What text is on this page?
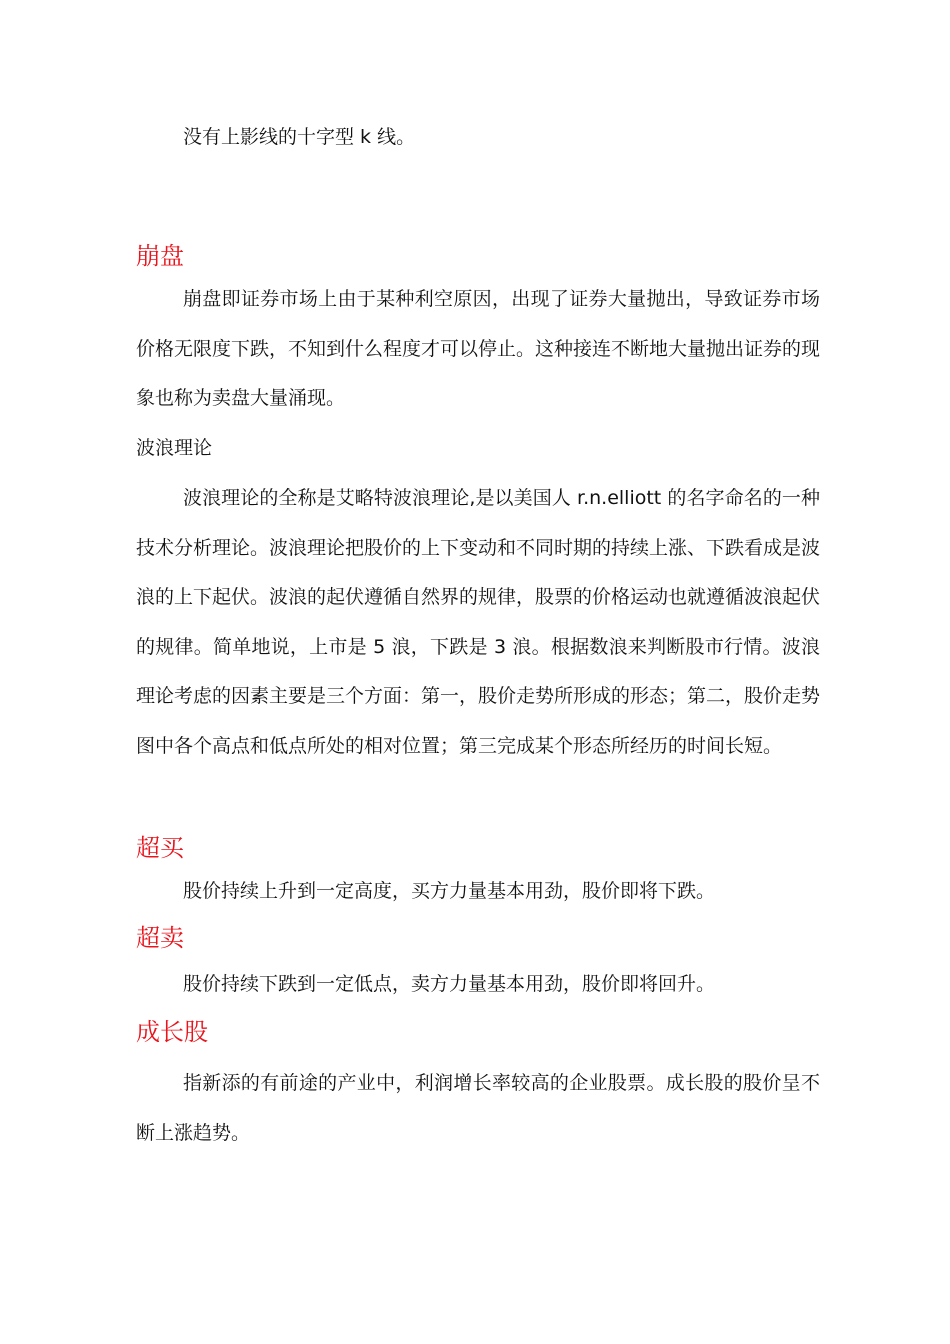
没有上影线的十字型 k 线。

崩盘

崩盘即证券市场上由于某种利空原因，出现了证券大量抛出，导致证券市场价格无限度下跌，不知到什么程度才可以停止。这种接连不断地大量抛出证券的现象也称为卖盘大量涌现。

波浪理论

波浪理论的全称是艾略特波浪理论,是以美国人 r.n.elliott 的名字命名的一种技术分析理论。波浪理论把股价的上下变动和不同时期的持续上涨、下跌看成是波浪的上下起伏。波浪的起伏遵循自然界的规律，股票的价格运动也就遵循波浪起伏的规律。简单地说，上市是 5 浪，下跌是 3 浪。根据数浪来判断股市行情。波浪理论考虑的因素主要是三个方面：第一，股价走势所形成的形态；第二，股价走势图中各个高点和低点所处的相对位置；第三完成某个形态所经历的时间长短。

超买

股价持续上升到一定高度，买方力量基本用劲，股价即将下跌。

超卖

股价持续下跌到一定低点，卖方力量基本用劲，股价即将回升。

成长股

指新添的有前途的产业中，利润增长率较高的企业股票。成长股的股价呈不断上涨趋势。
